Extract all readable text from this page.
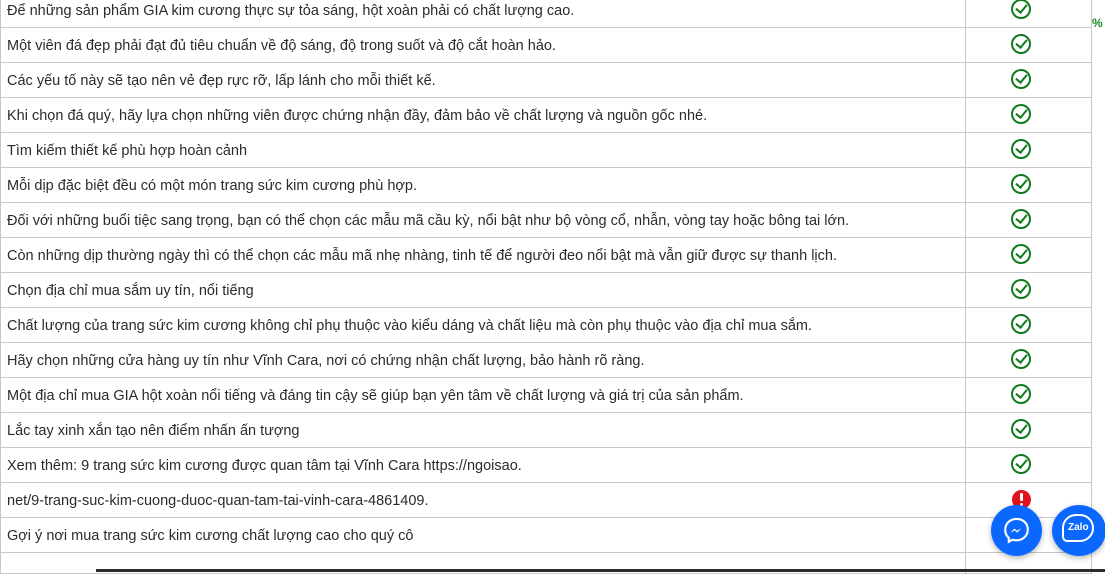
Để những sản phẩm GIA kim cương thực sự tỏa sáng, hột xoàn phải có chất lượng cao.
Một viên đá đẹp phải đạt đủ tiêu chuẩn về độ sáng, độ trong suốt và độ cắt hoàn hảo.
Các yếu tố này sẽ tạo nên vẻ đẹp rực rỡ, lấp lánh cho mỗi thiết kế.
Khi chọn đá quý, hãy lựa chọn những viên được chứng nhận đầy, đảm bảo về chất lượng và nguồn gốc nhé.
Tìm kiếm thiết kế phù hợp hoàn cảnh
Mỗi dịp đặc biệt đều có một món trang sức kim cương phù hợp.
Đối với những buổi tiệc sang trọng, bạn có thể chọn các mẫu mã cầu kỳ, nổi bật như bộ vòng cổ, nhẫn, vòng tay hoặc bông tai lớn.
Còn những dịp thường ngày thì có thể chọn các mẫu mã nhẹ nhàng, tinh tế để người đeo nổi bật mà vẫn giữ được sự thanh lịch.
Chọn địa chỉ mua sắm uy tín, nổi tiếng
Chất lượng của trang sức kim cương không chỉ phụ thuộc vào kiểu dáng và chất liệu mà còn phụ thuộc vào địa chỉ mua sắm.
Hãy chọn những cửa hàng uy tín như Vĩnh Cara, nơi có chứng nhận chất lượng, bảo hành rõ ràng.
Một địa chỉ mua GIA hột xoàn nổi tiếng và đáng tin cậy sẽ giúp bạn yên tâm về chất lượng và giá trị của sản phẩm.
Lắc tay xinh xắn tạo nên điểm nhấn ấn tượng
Xem thêm: 9 trang sức kim cương được quan tâm tại Vĩnh Cara https://ngoisao.
net/9-trang-suc-kim-cuong-duoc-quan-tam-tai-vinh-cara-4861409.
Gợi ý nơi mua trang sức kim cương chất lượng cao cho quý cô
%
Zalo
